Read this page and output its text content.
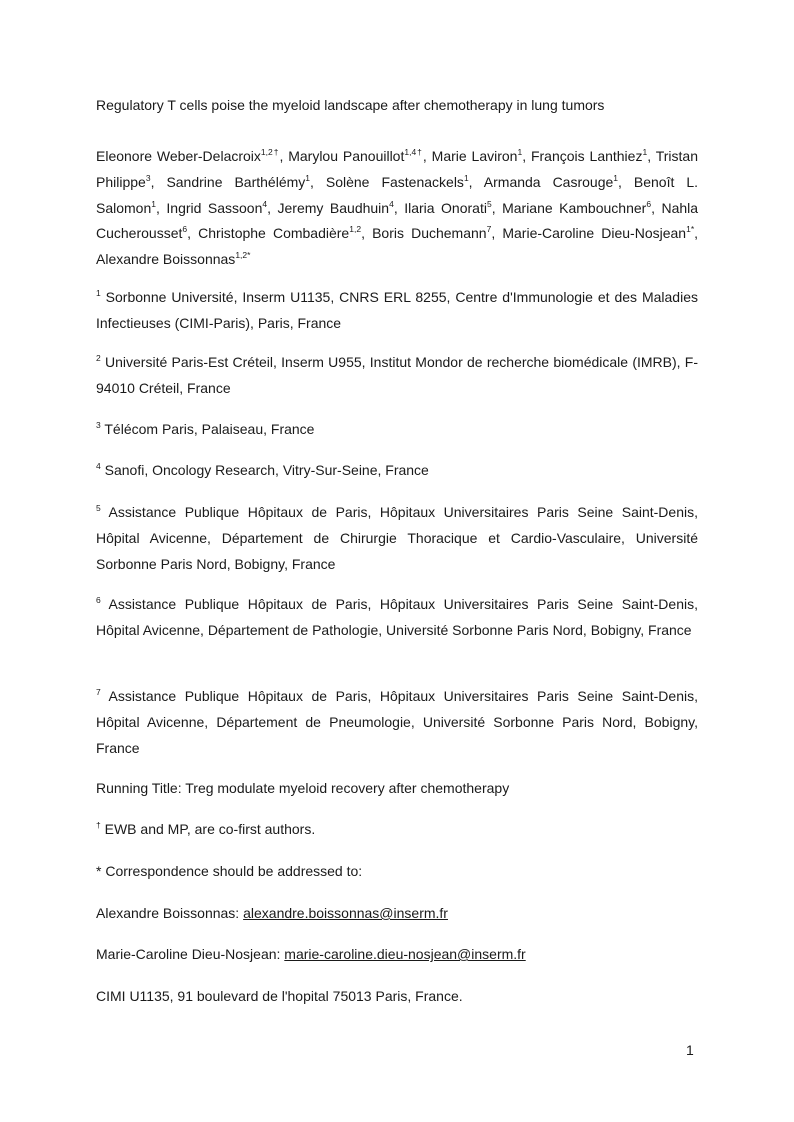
Regulatory T cells poise the myeloid landscape after chemotherapy in lung tumors
Eleonore Weber-Delacroix$^{1,2\dagger}$, Marylou Panouillot$^{1,4\dagger}$, Marie Laviron$^1$, François Lanthiez$^1$, Tristan Philippe$^3$, Sandrine Barthélémy$^1$, Solène Fastenackels$^1$, Armanda Casrouge$^1$, Benoît L. Salomon$^1$, Ingrid Sassoon$^4$, Jeremy Baudhuin$^4$, Ilaria Onorati$^5$, Mariane Kambouchner$^6$, Nahla Cucherousset$^6$, Christophe Combadière$^{1,2}$, Boris Duchemann$^7$, Marie-Caroline Dieu-Nosjean$^{1*}$, Alexandre Boissonnas$^{1,2*}$
$^1$ Sorbonne Université, Inserm U1135, CNRS ERL 8255, Centre d'Immunologie et des Maladies Infectieuses (CIMI-Paris), Paris, France
$^2$ Université Paris-Est Créteil, Inserm U955, Institut Mondor de recherche biomédicale (IMRB), F-94010 Créteil, France
$^3$ Télécom Paris, Palaiseau, France
$^4$ Sanofi, Oncology Research, Vitry-Sur-Seine, France
$^5$ Assistance Publique Hôpitaux de Paris, Hôpitaux Universitaires Paris Seine Saint-Denis, Hôpital Avicenne, Département de Chirurgie Thoracique et Cardio-Vasculaire, Université Sorbonne Paris Nord, Bobigny, France
$^6$ Assistance Publique Hôpitaux de Paris, Hôpitaux Universitaires Paris Seine Saint-Denis, Hôpital Avicenne, Département de Pathologie, Université Sorbonne Paris Nord, Bobigny, France
$^7$ Assistance Publique Hôpitaux de Paris, Hôpitaux Universitaires Paris Seine Saint-Denis, Hôpital Avicenne, Département de Pneumologie, Université Sorbonne Paris Nord, Bobigny, France
Running Title: Treg modulate myeloid recovery after chemotherapy
† EWB and MP, are co-first authors.
* Correspondence should be addressed to:
Alexandre Boissonnas: alexandre.boissonnas@inserm.fr
Marie-Caroline Dieu-Nosjean: marie-caroline.dieu-nosjean@inserm.fr
CIMI U1135, 91 boulevard de l'hopital 75013 Paris, France.
1
